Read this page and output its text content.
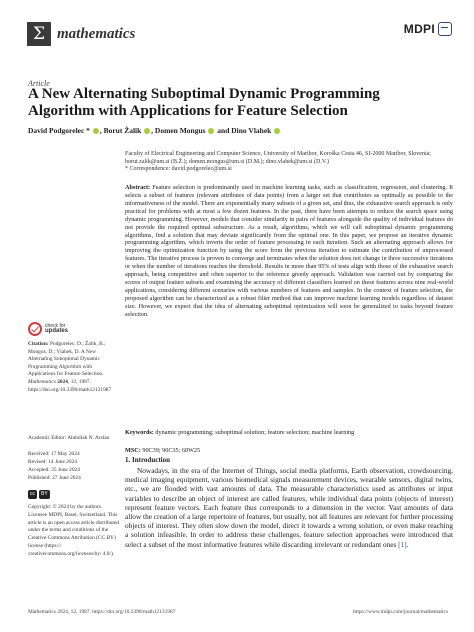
Σ mathematics	MDPI
Article
A New Alternating Suboptimal Dynamic Programming Algorithm with Applications for Feature Selection
David Podgorelec * , Borut Žalik , Domen Mongus  and Dino Vlahek
Faculty of Electrical Engineering and Computer Science, University of Maribor, Koroška Cesta 46, SI-2000 Maribor, Slovenia; borut.zalik@um.si (B.Ž.); domen.mongus@um.si (D.M.); dino.vlahek@um.si (D.V.)
* Correspondence: david.podgorelec@um.si
Abstract: Feature selection is predominantly used in machine learning tasks, such as classification, regression, and clustering. It selects a subset of features (relevant attributes of data points) from a larger set that contributes as optimally as possible to the informativeness of the model. There are exponentially many subsets of a given set, and thus, the exhaustive search approach is only practical for problems with at most a few dozen features. In the past, there have been attempts to reduce the search space using dynamic programming. However, models that consider similarity in pairs of features alongside the quality of individual features do not provide the required optimal substructure. As a result, algorithms, which we will call suboptimal dynamic programming algorithms, find a solution that may deviate significantly from the optimal one. In this paper, we propose an iterative dynamic programming algorithm, which inverts the order of feature processing in each iteration. Such an alternating approach allows for improving the optimization function by using the score from the previous iteration to estimate the contribution of unprocessed features. The iterative process is proven to converge and terminates when the solution does not change in three successive iterations or when the number of iterations reaches the threshold. Results in more than 95% of tests align with those of the exhaustive search approach, being competitive and often superior to the reference greedy approach. Validation was carried out by comparing the scores of output feature subsets and examining the accuracy of different classifiers learned on these features across nine real-world applications, considering different scenarios with various numbers of features and samples. In the context of feature selection, the proposed algorithm can be characterized as a robust filter method that can improve machine learning models regardless of dataset size. However, we expect that the idea of alternating suboptimal optimization will soon be generalized to tasks beyond feature selection.
Keywords: dynamic programming; suboptimal solution; feature selection; machine learning
MSC: 90C39; 90C35; 68W25
check for
updates
Citation: Podgorelec, D.; Žalik, B.; Mongus, D.; Vlahek, D. A New Alternating Suboptimal Dynamic Programming Algorithm with Applications for Feature Selection. Mathematics 2024, 12, 1987. https://doi.org/10.3390/math12131987
Academic Editor: Abdullah N. Arslan
Received: 17 May 2024
Revised: 14 June 2024
Accepted: 25 June 2024
Published: 27 June 2024
cc	BY
Copyright: © 2024 by the authors. Licensee MDPI, Basel, Switzerland. This article is an open access article distributed under the terms and conditions of the Creative Commons Attribution (CC BY) license (https:// creativecommons.org/licenses/by/ 4.0/).
1. Introduction
Nowadays, in the era of the Internet of Things, social media platforms, Earth observation, crowdsourcing, medical imaging equipment, various biomedical signals measurement devices, wearable sensors, digital twins, etc., we are flooded with vast amounts of data. The measurable characteristics used as attributes or input variables to describe an object of interest are called features, while individual data points (objects of interest) represent feature vectors. Each feature thus corresponds to a dimension in the vector. Vast amounts of data allow the creation of a large repertoire of features, but usually, not all features are relevant for further processing objects of interest. They often slow down the model, direct it towards a wrong solution, or even make reaching a solution infeasible. In order to address these challenges, feature selection approaches were introduced that select a subset of the most informative features while discarding irrelevant or redundant ones [1].
Mathematics 2024, 12, 1987. https://doi.org/10.3390/math12131987	https://www.mdpi.com/journal/mathematics
